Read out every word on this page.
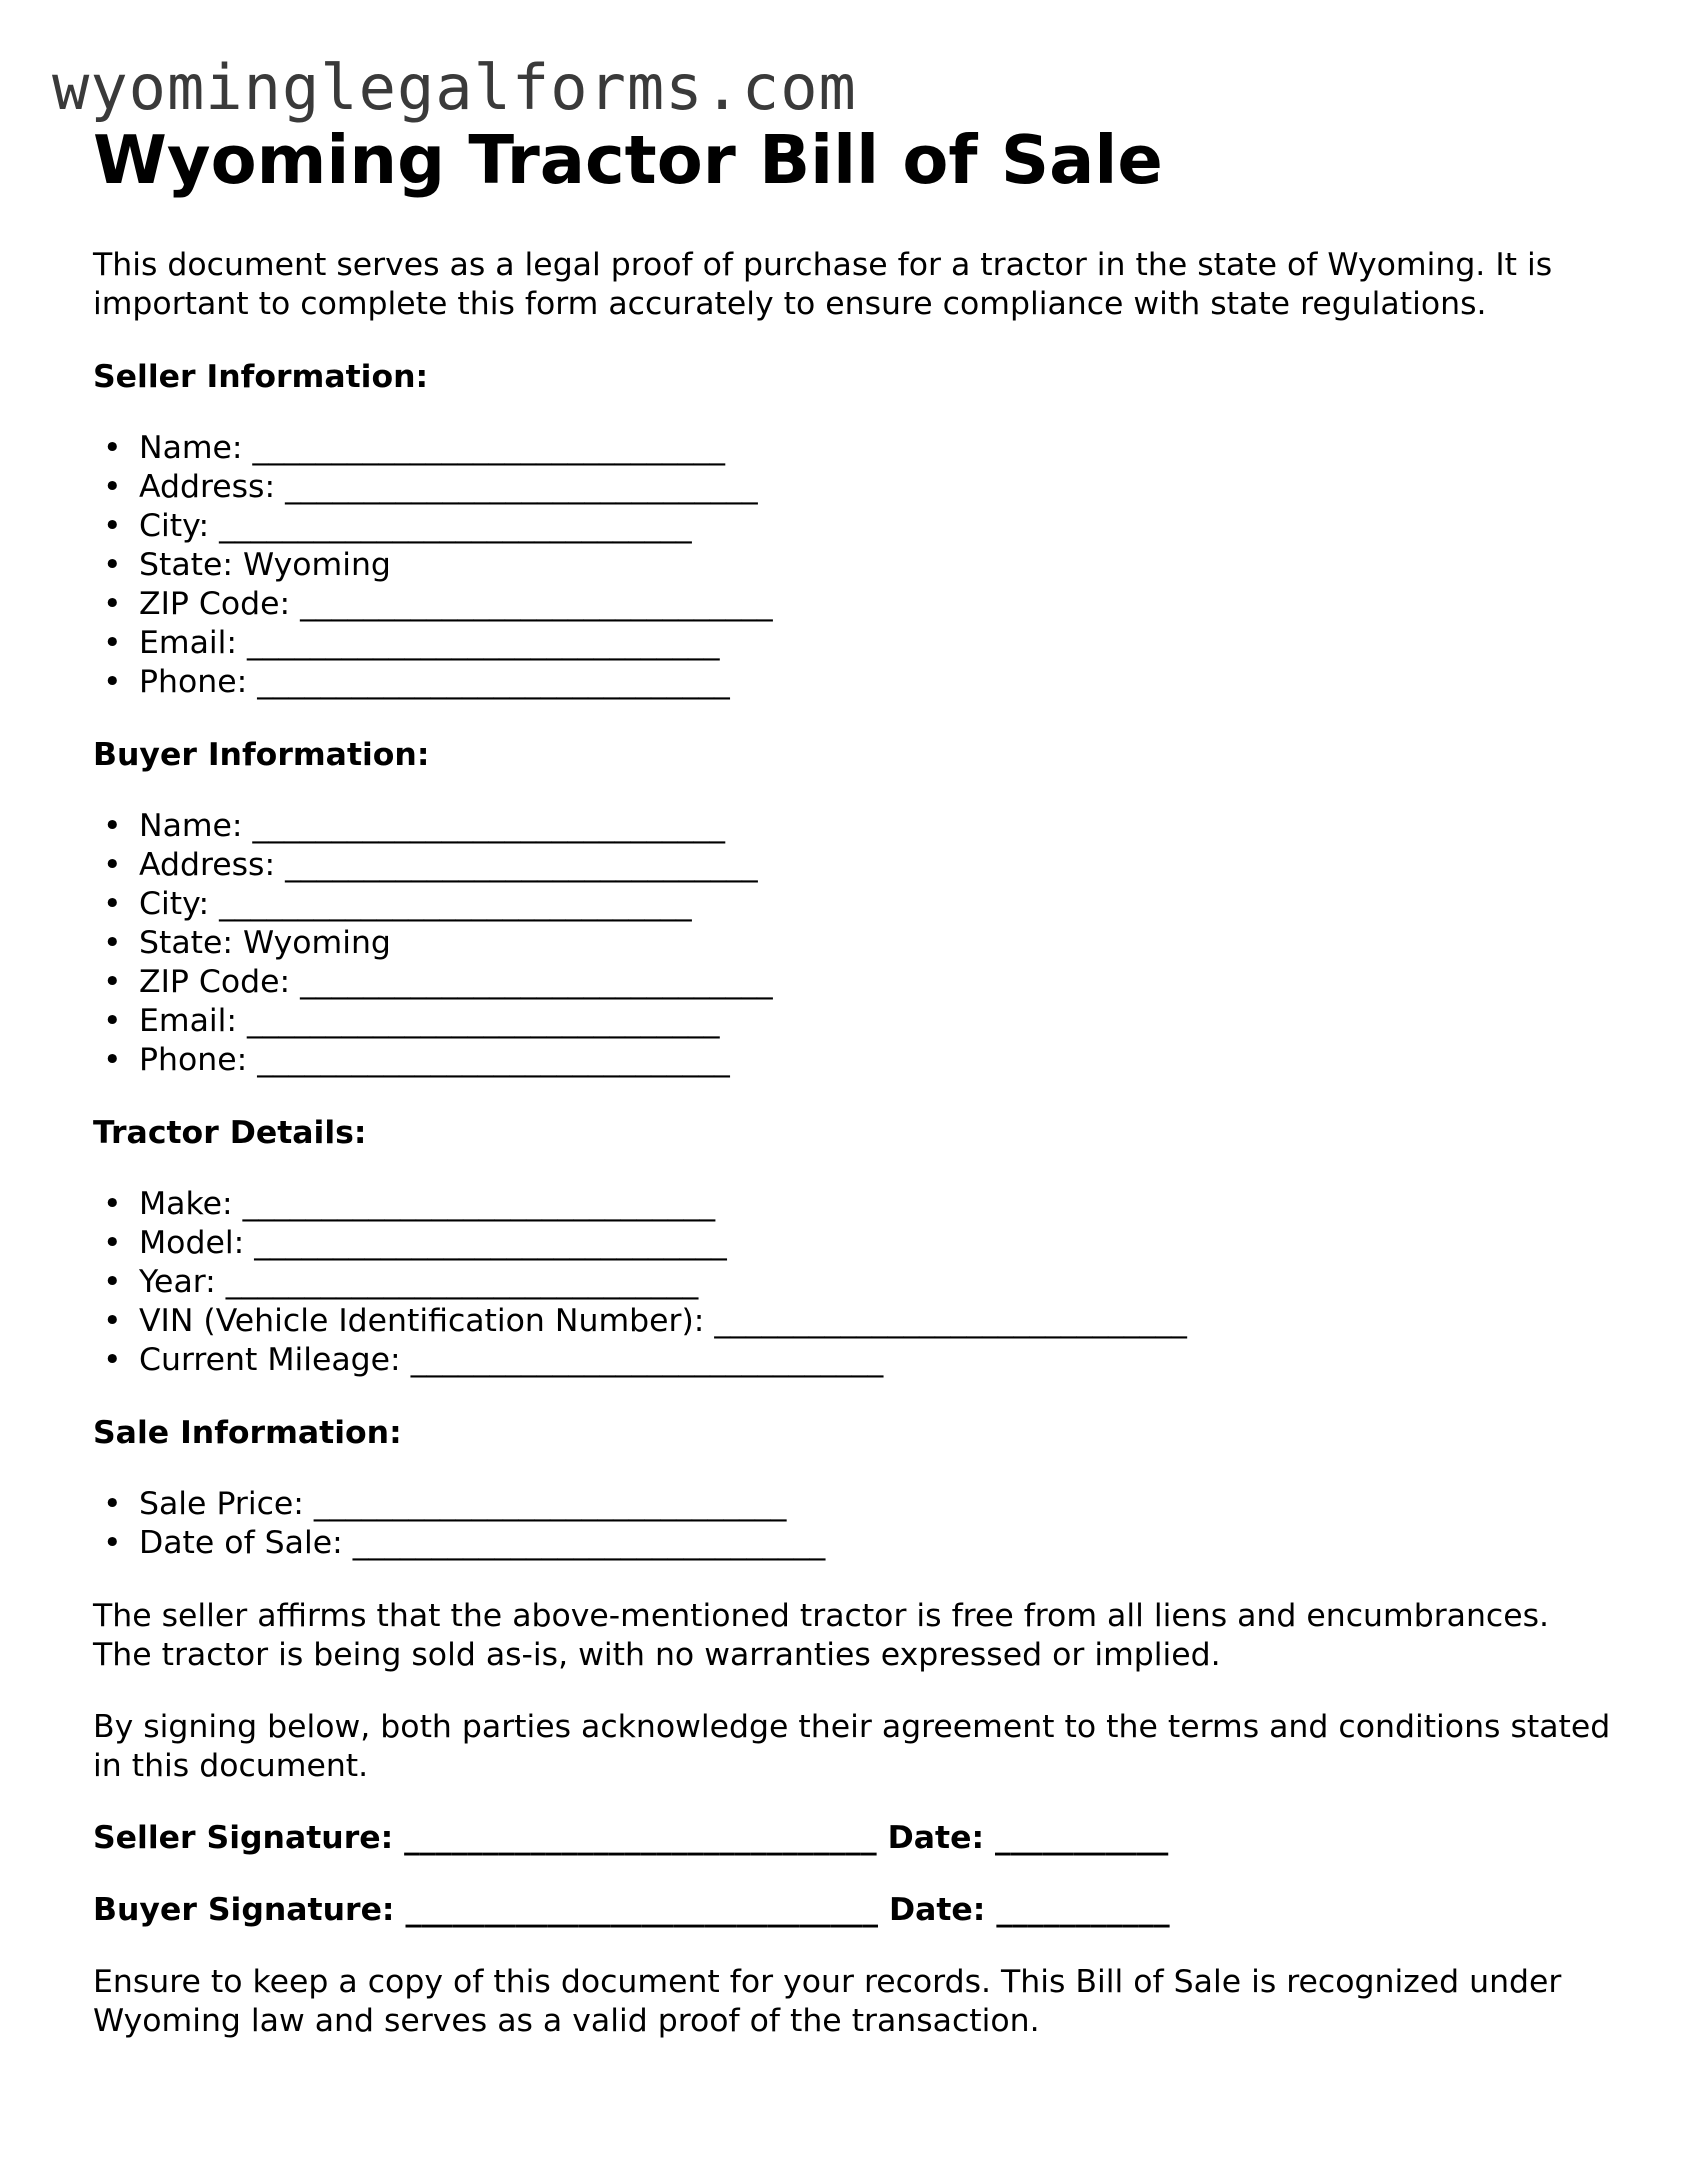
wyominglegalforms.com
Wyoming Tractor Bill of Sale

This document serves as a legal proof of purchase for a tractor in the state of Wyoming. It is important to complete this form accurately to ensure compliance with state regulations.

Seller Information:
• Name: ______________________________
• Address: ______________________________
• City: ______________________________
• State: Wyoming
• ZIP Code: ______________________________
• Email: ______________________________
• Phone: ______________________________
Buyer Information:
• Name: ______________________________
• Address: ______________________________
• City: ______________________________
• State: Wyoming
• ZIP Code: ______________________________
• Email: ______________________________
• Phone: ______________________________
Tractor Details:
• Make: ______________________________
• Model: ______________________________
• Year: ______________________________
• VIN (Vehicle Identification Number): ______________________________
• Current Mileage: ______________________________
Sale Information:
• Sale Price: ______________________________
• Date of Sale: ______________________________

The seller affirms that the above-mentioned tractor is free from all liens and encumbrances. The tractor is being sold as-is, with no warranties expressed or implied.

By signing below, both parties acknowledge their agreement to the terms and conditions stated in this document.

Seller Signature: ______________________________ Date: ___________
Buyer Signature: ______________________________ Date: ___________

Ensure to keep a copy of this document for your records. This Bill of Sale is recognized under Wyoming law and serves as a valid proof of the transaction.
